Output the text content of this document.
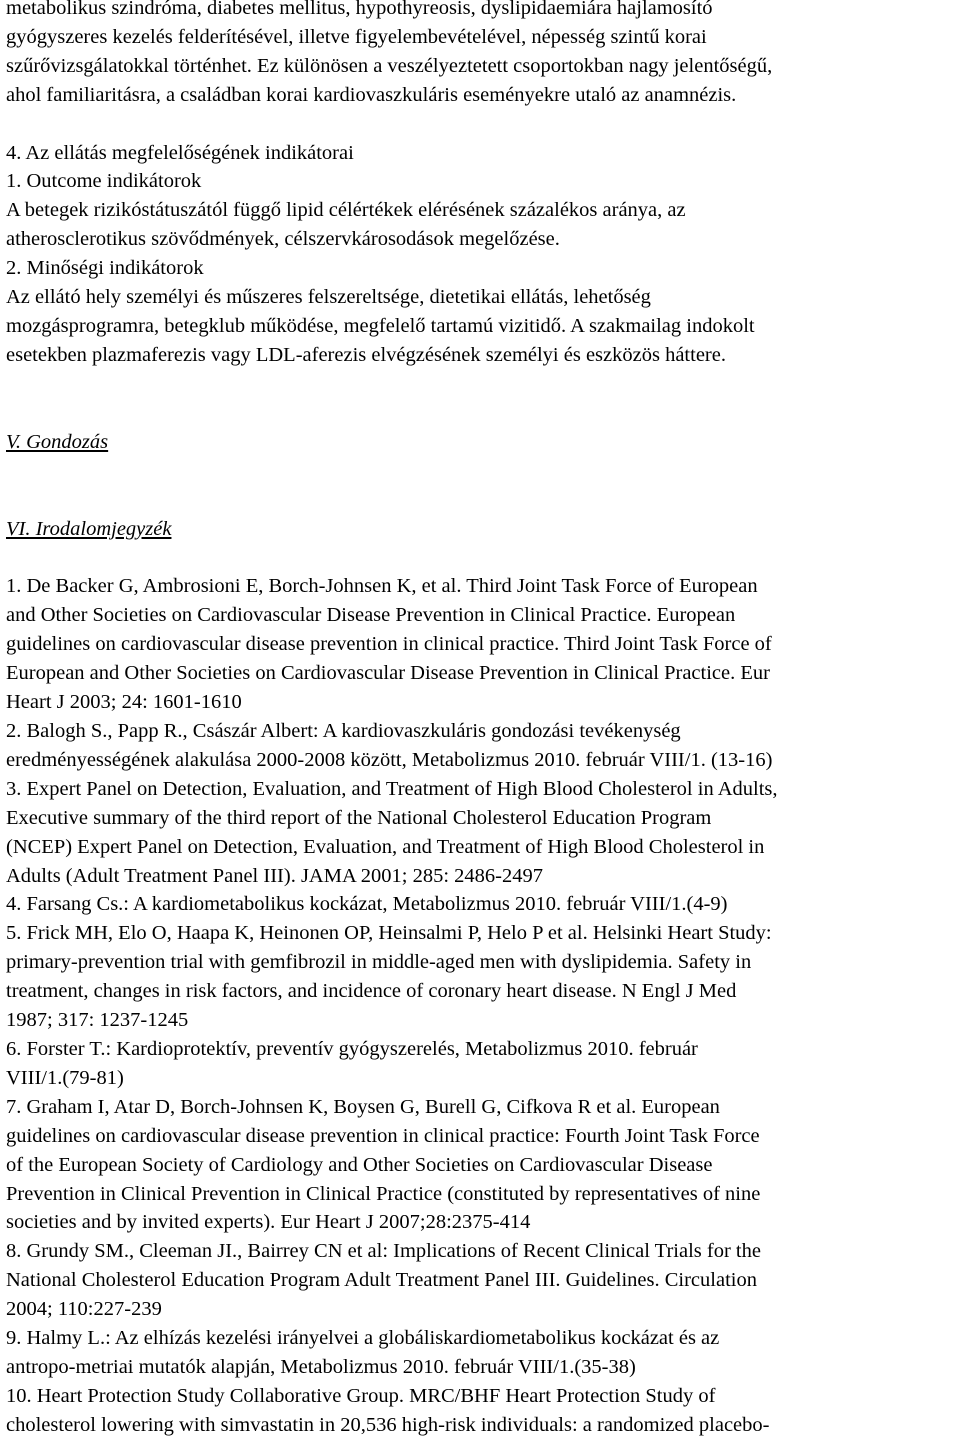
metabolikus szindróma, diabetes mellitus, hypothyreosis, dyslipidaemiára hajlamosító
gyógyszeres kezelés felderítésével, illetve figyelembevételével, népesség szintű korai
szűrővizsgálatokkal történhet. Ez különösen a veszélyeztetett csoportokban nagy jelentőségű,
ahol familiaritásra, a családban korai kardiovaszkuláris eseményekre utaló az anamnézis.
4. Az ellátás megfelelőségének indikátorai
1. Outcome indikátorok
A betegek rizikóstátuszától függő lipid célértékek elérésének százalékos aránya, az
atherosclerotikus szövődmények, célszervkárosodások megelőzése.
2. Minőségi indikátorok
Az ellátó hely személyi és műszeres felszereltsége, dietetikai ellátás, lehetőség
mozgásprogramra, betegklub működése, megfelelő tartamú vizitidő. A szakmailag indokolt
esetekben plazmaferezis vagy LDL-aferezis elvégzésének személyi és eszközös háttere.
V. Gondozás
VI. Irodalomjegyzék
1. De Backer G, Ambrosioni E, Borch-Johnsen K, et al. Third Joint Task Force of European
and Other Societies on Cardiovascular Disease Prevention in Clinical Practice. European
guidelines on cardiovascular disease prevention in clinical practice. Third Joint Task Force of
European and Other Societies on Cardiovascular Disease Prevention in Clinical Practice. Eur
Heart J 2003; 24: 1601-1610
2. Balogh S., Papp R., Császár Albert: A kardiovaszkuláris gondozási tevékenység
eredményességének alakulása 2000-2008 között, Metabolizmus 2010. február VIII/1. (13-16)
3. Expert Panel on Detection, Evaluation, and Treatment of High Blood Cholesterol in Adults,
Executive summary of the third report of the National Cholesterol Education Program
(NCEP) Expert Panel on Detection, Evaluation, and Treatment of High Blood Cholesterol in
Adults (Adult Treatment Panel III). JAMA 2001; 285: 2486-2497
4. Farsang Cs.: A kardiometabolikus kockázat, Metabolizmus 2010. február VIII/1.(4-9)
5. Frick MH, Elo O, Haapa K, Heinonen OP, Heinsalmi P, Helo P et al. Helsinki Heart Study:
primary-prevention trial with gemfibrozil in middle-aged men with dyslipidemia. Safety in
treatment, changes in risk factors, and incidence of coronary heart disease. N Engl J Med
1987; 317: 1237-1245
6. Forster T.: Kardioprotektív, preventív gyógyszerelés, Metabolizmus 2010. február
VIII/1.(79-81)
7. Graham I, Atar D, Borch-Johnsen K, Boysen G, Burell G, Cifkova R et al. European
guidelines on cardiovascular disease prevention in clinical practice: Fourth Joint Task Force
of the European Society of Cardiology and Other Societies on Cardiovascular Disease
Prevention in Clinical Prevention in Clinical Practice (constituted by representatives of nine
societies and by invited experts). Eur Heart J 2007;28:2375-414
8. Grundy SM., Cleeman JI., Bairrey CN et al: Implications of Recent Clinical Trials for the
National Cholesterol Education Program Adult Treatment Panel III. Guidelines. Circulation
2004; 110:227-239
9. Halmy L.: Az elhízás kezelési irányelvei a globáliskardiometabolikus kockázat és az
antropo-metriai mutatók alapján, Metabolizmus 2010. február VIII/1.(35-38)
10. Heart Protection Study Collaborative Group. MRC/BHF Heart Protection Study of
cholesterol lowering with simvastatin in 20,536 high-risk individuals: a randomized placebo-
